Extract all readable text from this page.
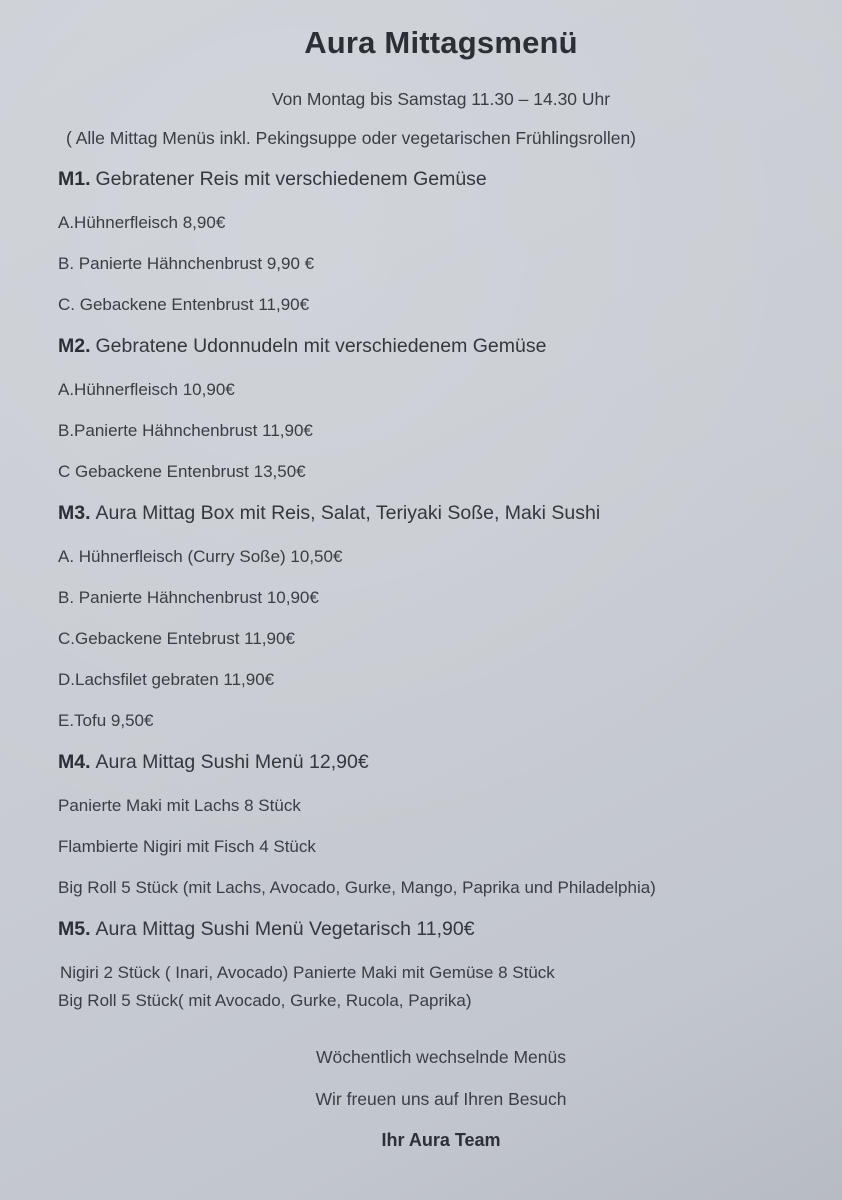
Aura Mittagsmenü
Von Montag bis Samstag 11.30 – 14.30 Uhr
( Alle Mittag Menüs inkl. Pekingsuppe oder vegetarischen Frühlingsrollen)
M1. Gebratener Reis mit verschiedenem Gemüse
A.Hühnerfleisch 8,90€
B. Panierte Hähnchenbrust 9,90 €
C. Gebackene Entenbrust 11,90€
M2. Gebratene Udonnudeln mit verschiedenem Gemüse
A.Hühnerfleisch 10,90€
B.Panierte Hähnchenbrust 11,90€
C Gebackene Entenbrust 13,50€
M3. Aura Mittag Box mit Reis, Salat, Teriyaki Soße, Maki Sushi
A. Hühnerfleisch (Curry Soße) 10,50€
B. Panierte Hähnchenbrust 10,90€
C.Gebackene Entebrust 11,90€
D.Lachsfilet gebraten 11,90€
E.Tofu 9,50€
M4. Aura Mittag Sushi Menü 12,90€
Panierte Maki mit Lachs 8 Stück
Flambierte Nigiri mit Fisch 4 Stück
Big Roll 5 Stück (mit Lachs, Avocado, Gurke, Mango, Paprika und Philadelphia)
M5. Aura Mittag Sushi Menü Vegetarisch 11,90€
Nigiri 2 Stück ( Inari, Avocado) Panierte Maki mit Gemüse 8 Stück
Big Roll 5 Stück( mit Avocado, Gurke, Rucola, Paprika)
Wöchentlich wechselnde Menüs
Wir freuen uns auf Ihren Besuch
Ihr Aura Team
